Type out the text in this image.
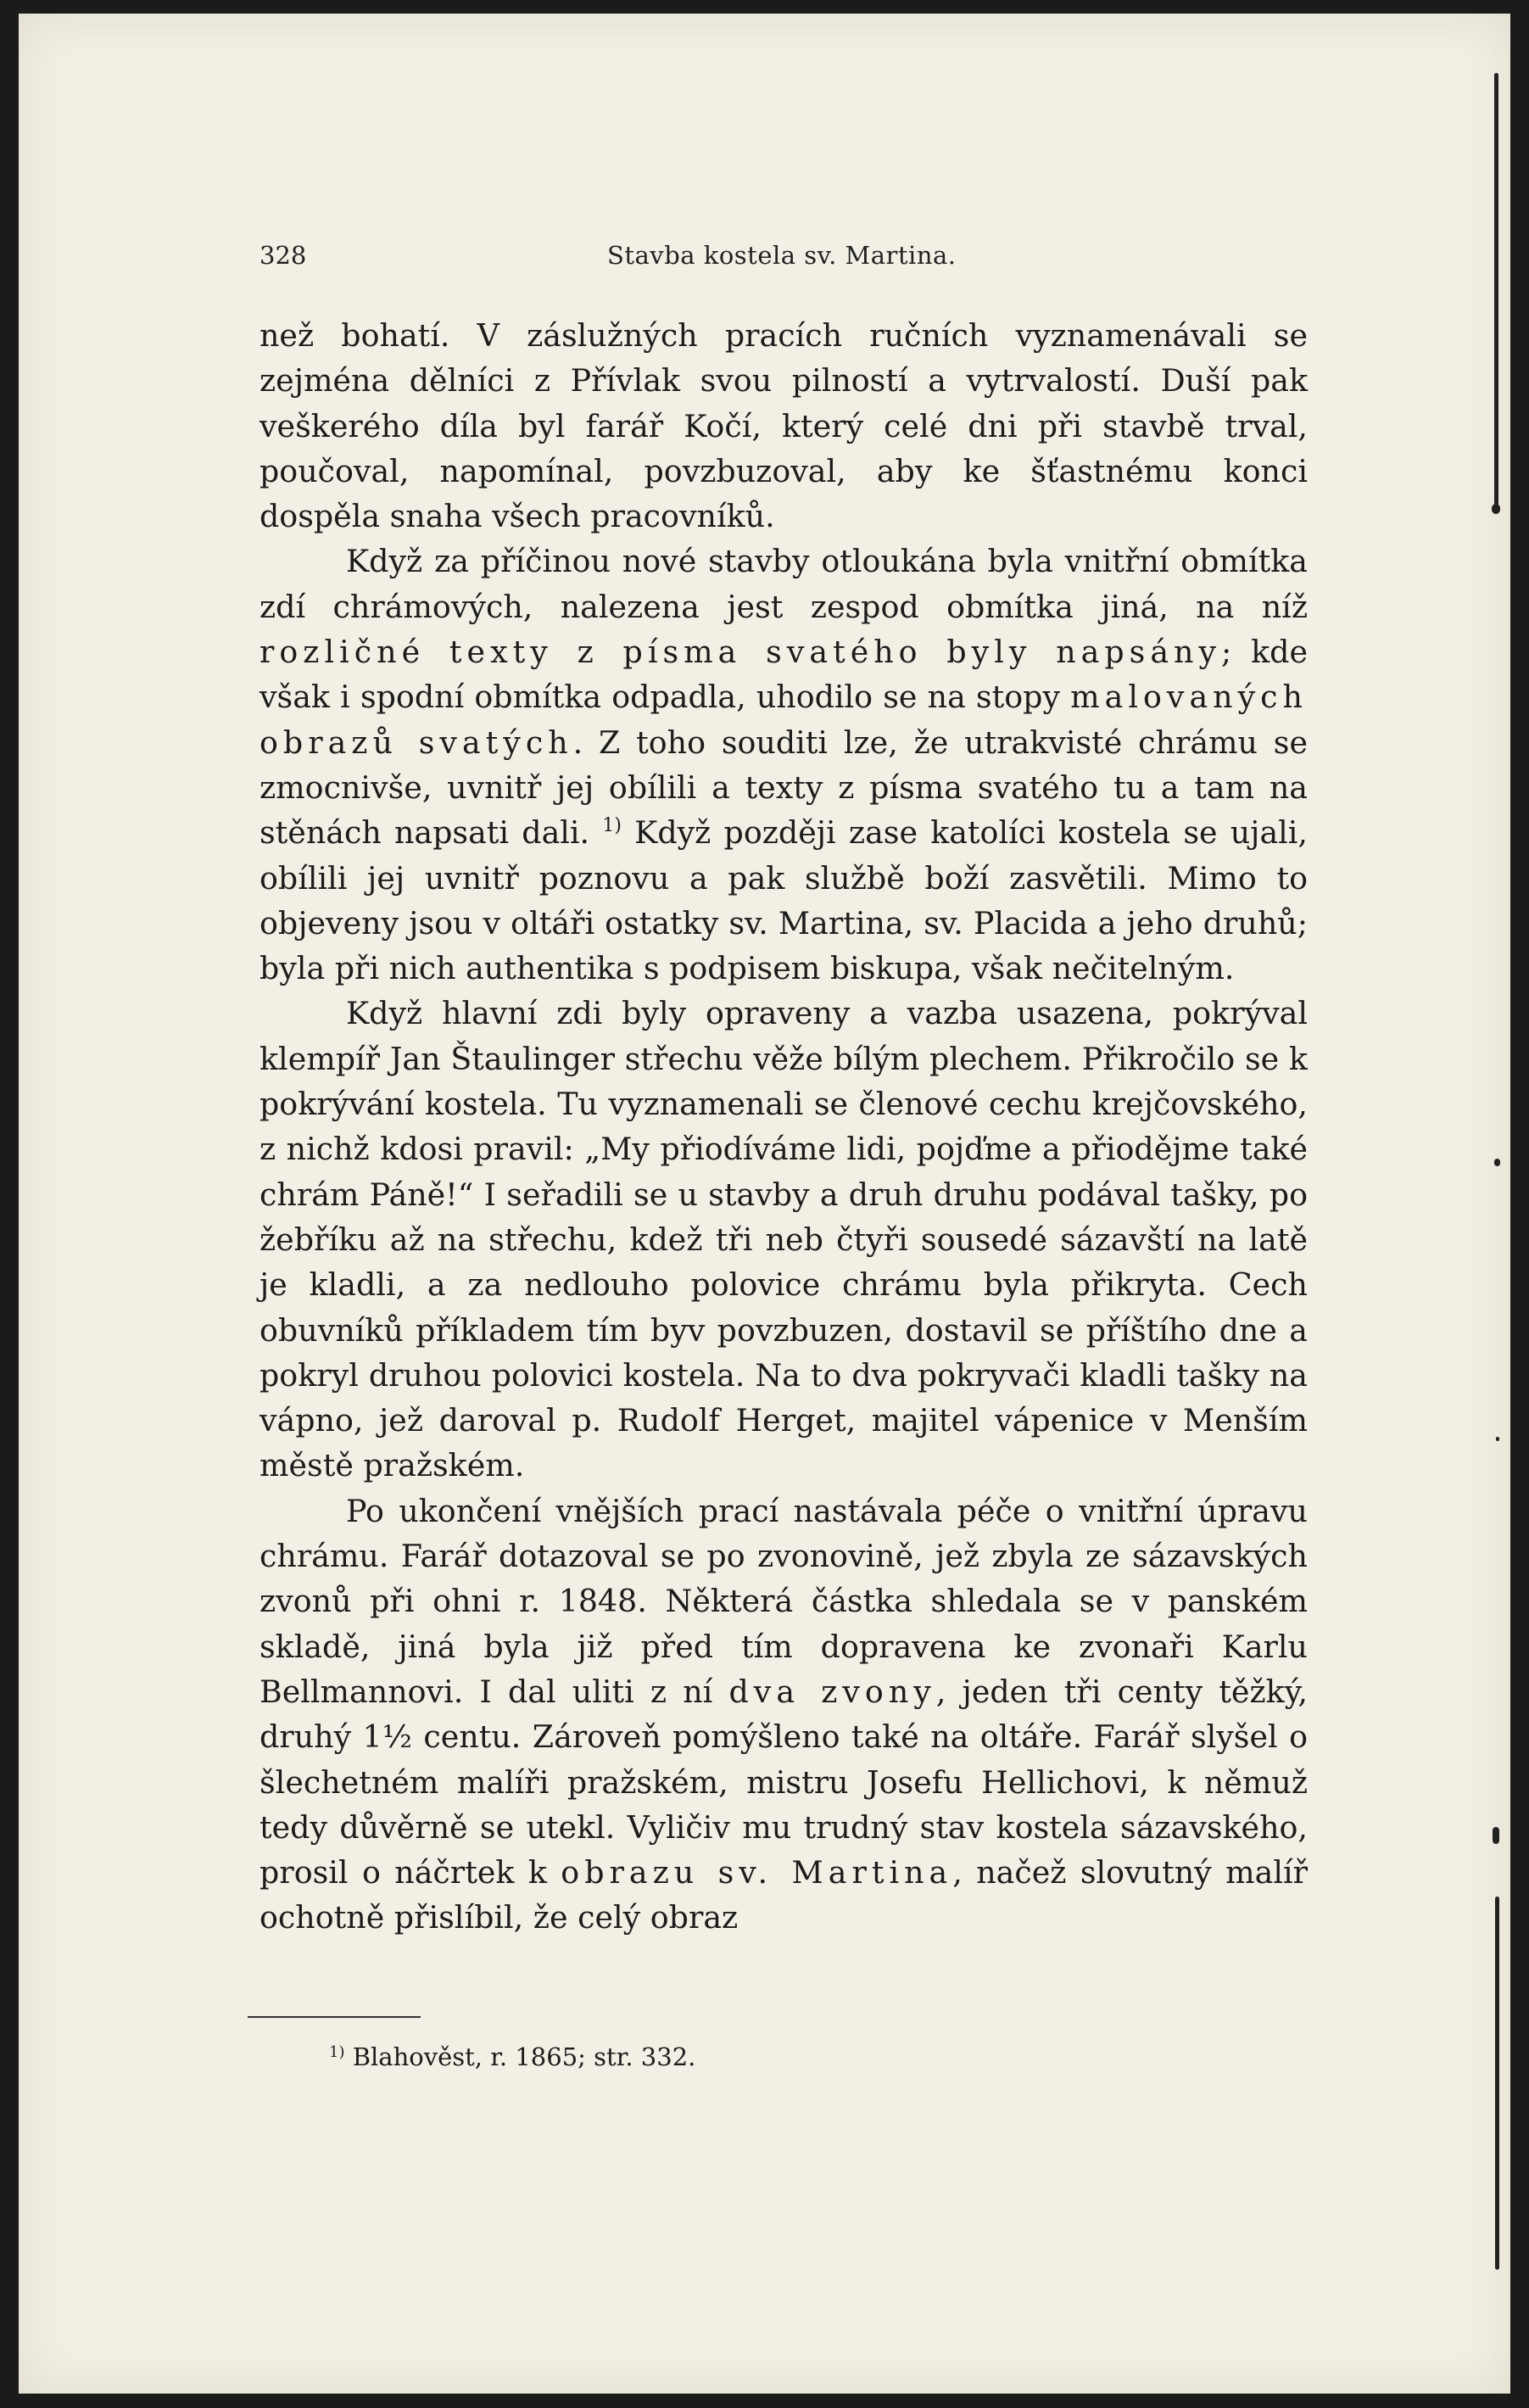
328	Stavba kostela sv. Martina.

než bohatí. V záslužných pracích ručních vyznamenávali se zejména dělníci z Přívlak svou pilností a vytrvalostí. Duší pak veškerého díla byl farář Kočí, který celé dni při stavbě trval, poučoval, napomínal, povzbuzoval, aby ke šťastnému konci dospěla snaha všech pracovníků.

Když za příčinou nové stavby otloukána byla vnitřní obmítka zdí chrámových, nalezena jest zespod obmítka jiná, na níž rozličné texty z písma svatého byly napsány; kde však i spodní obmítka odpadla, uhodilo se na stopy malovaných obrazů svatých. Z toho souditi lze, že utrakvisté chrámu se zmocnivše, uvnitř jej obílili a texty z písma svatého tu a tam na stěnách napsati dali. $^{1)}$ Když později zase katolíci kostela se ujali, obílili jej uvnitř poznovu a pak službě boží zasvětili. Mimo to objeveny jsou v oltáři ostatky sv. Martina, sv. Placida a jeho druhů; byla při nich authentika s podpisem biskupa, však nečitelným.

Když hlavní zdi byly opraveny a vazba usazena, pokrýval klempíř Jan Štaulinger střechu věže bílým plechem. Přikročilo se k pokrývání kostela. Tu vyznamenali se členové cechu krejčovského, z nichž kdosi pravil: „My přiodíváme lidi, pojďme a přiodějme také chrám Páně!“ I seřadili se u stavby a druh druhu podával tašky, po žebříku až na střechu, kdež tři neb čtyři sousedé sázavští na latě je kladli, a za nedlouho polovice chrámu byla přikryta. Cech obuvníků příkladem tím byv povzbuzen, dostavil se příštího dne a pokryl druhou polovici kostela. Na to dva pokryvači kladli tašky na vápno, jež daroval p. Rudolf Herget, majitel vápenice v Menším městě pražském.

Po ukončení vnějších prací nastávala péče o vnitřní úpravu chrámu. Farář dotazoval se po zvonovině, jež zbyla ze sázavských zvonů při ohni r. 1848. Některá částka shledala se v panském skladě, jiná byla již před tím dopravena ke zvonaři Karlu Bellmannovi. I dal uliti z ní dva zvony, jeden tři centy těžký, druhý 1½ centu. Zároveň pomýšleno také na oltáře. Farář slyšel o šlechetném malíři pražském, mistru Josefu Hellichovi, k němuž tedy důvěrně se utekl. Vyličiv mu trudný stav kostela sázavského, prosil o náčrtek k obrazu sv. Martina, načež slovutný malíř ochotně přislíbil, že celý obraz

$^{1)}$ Blahověst, r. 1865; str. 332.
